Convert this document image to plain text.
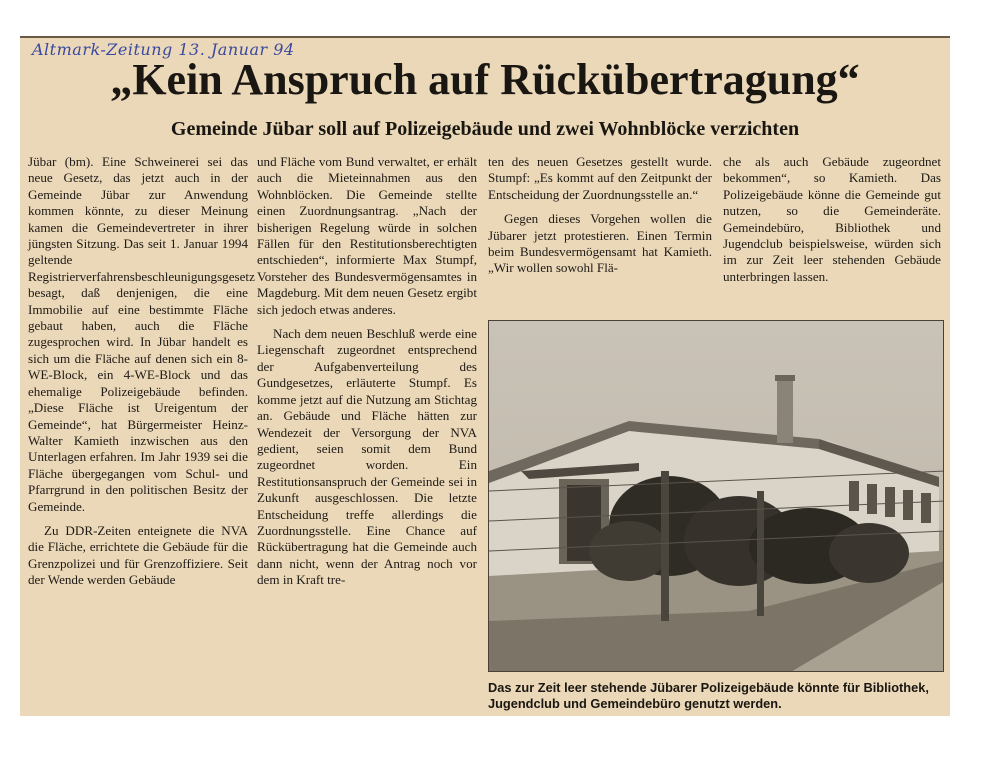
Altmark-Zeitung 13. Januar 94
„Kein Anspruch auf Rückübertragung“
Gemeinde Jübar soll auf Polizeigebäude und zwei Wohnblöcke verzichten

Jübar (bm). Eine Schweinerei sei das neue Gesetz, das jetzt auch in der Gemeinde Jübar zur Anwendung kommen könnte, zu dieser Meinung kamen die Gemeindevertreter in ihrer jüngsten Sitzung. Das seit 1. Januar 1994 geltende Registrierverfahrensbeschleunigungsgesetz besagt, daß denjenigen, die eine Immobilie auf eine bestimmte Fläche gebaut haben, auch die Fläche zugesprochen wird. In Jübar handelt es sich um die Fläche auf denen sich ein 8-WE-Block, ein 4-WE-Block und das ehemalige Polizeigebäude befinden. „Diese Fläche ist Ureigentum der Gemeinde“, hat Bürgermeister Heinz-Walter Kamieth inzwischen aus den Unterlagen erfahren. Im Jahr 1939 sei die Fläche übergegangen vom Schul- und Pfarrgrund in den politischen Besitz der Gemeinde.

Zu DDR-Zeiten enteignete die NVA die Fläche, errichtete die Gebäude für die Grenzpolizei und für Grenzoffiziere. Seit der Wende werden Gebäude

und Fläche vom Bund verwaltet, er erhält auch die Mieteinnahmen aus den Wohnblöcken. Die Gemeinde stellte einen Zuordnungsantrag. „Nach der bisherigen Regelung würde in solchen Fällen für den Restitutionsberechtigten entschieden“, informierte Max Stumpf, Vorsteher des Bundesvermögensamtes in Magdeburg. Mit dem neuen Gesetz ergibt sich jedoch etwas anderes.

Nach dem neuen Beschluß werde eine Liegenschaft zugeordnet entsprechend der Aufgabenverteilung des Gundgesetzes, erläuterte Stumpf. Es komme jetzt auf die Nutzung am Stichtag an. Gebäude und Fläche hätten zur Wendezeit der Versorgung der NVA gedient, seien somit dem Bund zugeordnet worden. Ein Restitutionsanspruch der Gemeinde sei in Zukunft ausgeschlossen. Die letzte Entscheidung treffe allerdings die Zuordnungsstelle. Eine Chance auf Rückübertragung hat die Gemeinde auch dann nicht, wenn der Antrag noch vor dem in Kraft tre-

ten des neuen Gesetzes gestellt wurde. Stumpf: „Es kommt auf den Zeitpunkt der Entscheidung der Zuordnungsstelle an.“

Gegen dieses Vorgehen wollen die Jübarer jetzt protestieren. Einen Termin beim Bundesvermögensamt hat Kamieth. „Wir wollen sowohl Flä-

che als auch Gebäude zugeordnet bekommen“, so Kamieth. Das Polizeigebäude könne die Gemeinde gut nutzen, so die Gemeinderäte. Gemeindebüro, Bibliothek und Jugendclub beispielsweise, würden sich im zur Zeit leer stehenden Gebäude unterbringen lassen.

Das zur Zeit leer stehende Jübarer Polizeigebäude könnte für Bibliothek, Jugendclub und Gemeindebüro genutzt werden.
